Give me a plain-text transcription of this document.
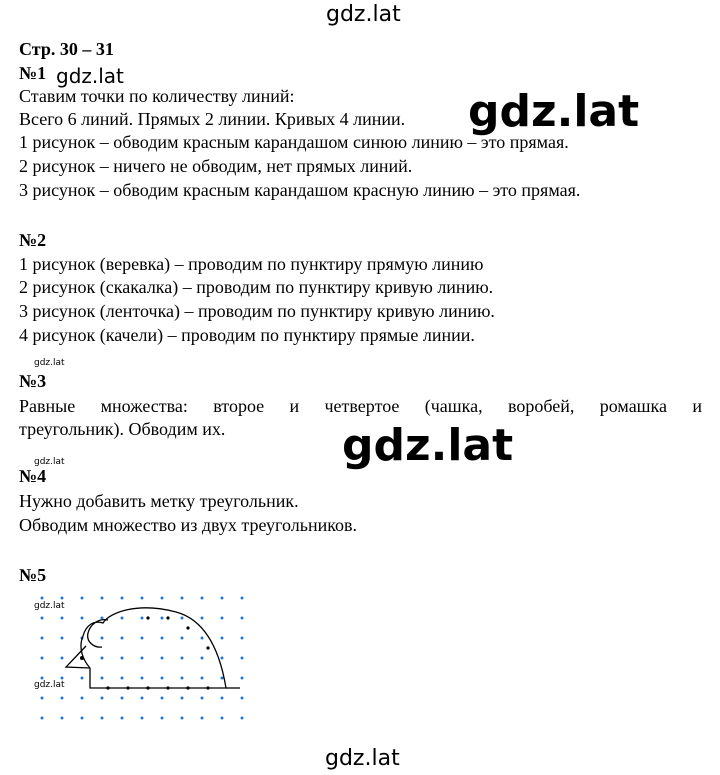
gdz.lat
gdz.lat
gdz.lat
gdz.lat
gdz.lat
gdz.lat
gdz.lat
Стр. 30 – 31
№1
Ставим точки по количеству линий:
Всего 6 линий. Прямых 2 линии. Кривых 4 линии.
1 рисунок – обводим красным карандашом синюю линию – это прямая.
2 рисунок – ничего не обводим, нет прямых линий.
3 рисунок – обводим красным карандашом красную линию – это прямая.
№2
1 рисунок (веревка) – проводим по пунктиру прямую линию
2 рисунок (скакалка) – проводим по пунктиру кривую линию.
3 рисунок (ленточка) – проводим по пунктиру кривую линию.
4 рисунок (качели) – проводим по пунктиру прямые линии.
№3
Равные множества: второе и четвертое (чашка, воробей, ромашка и
треугольник). Обводим их.
№4
Нужно добавить метку треугольник.
Обводим множество из двух треугольников.
№5
gdz.lat
gdz.lat
